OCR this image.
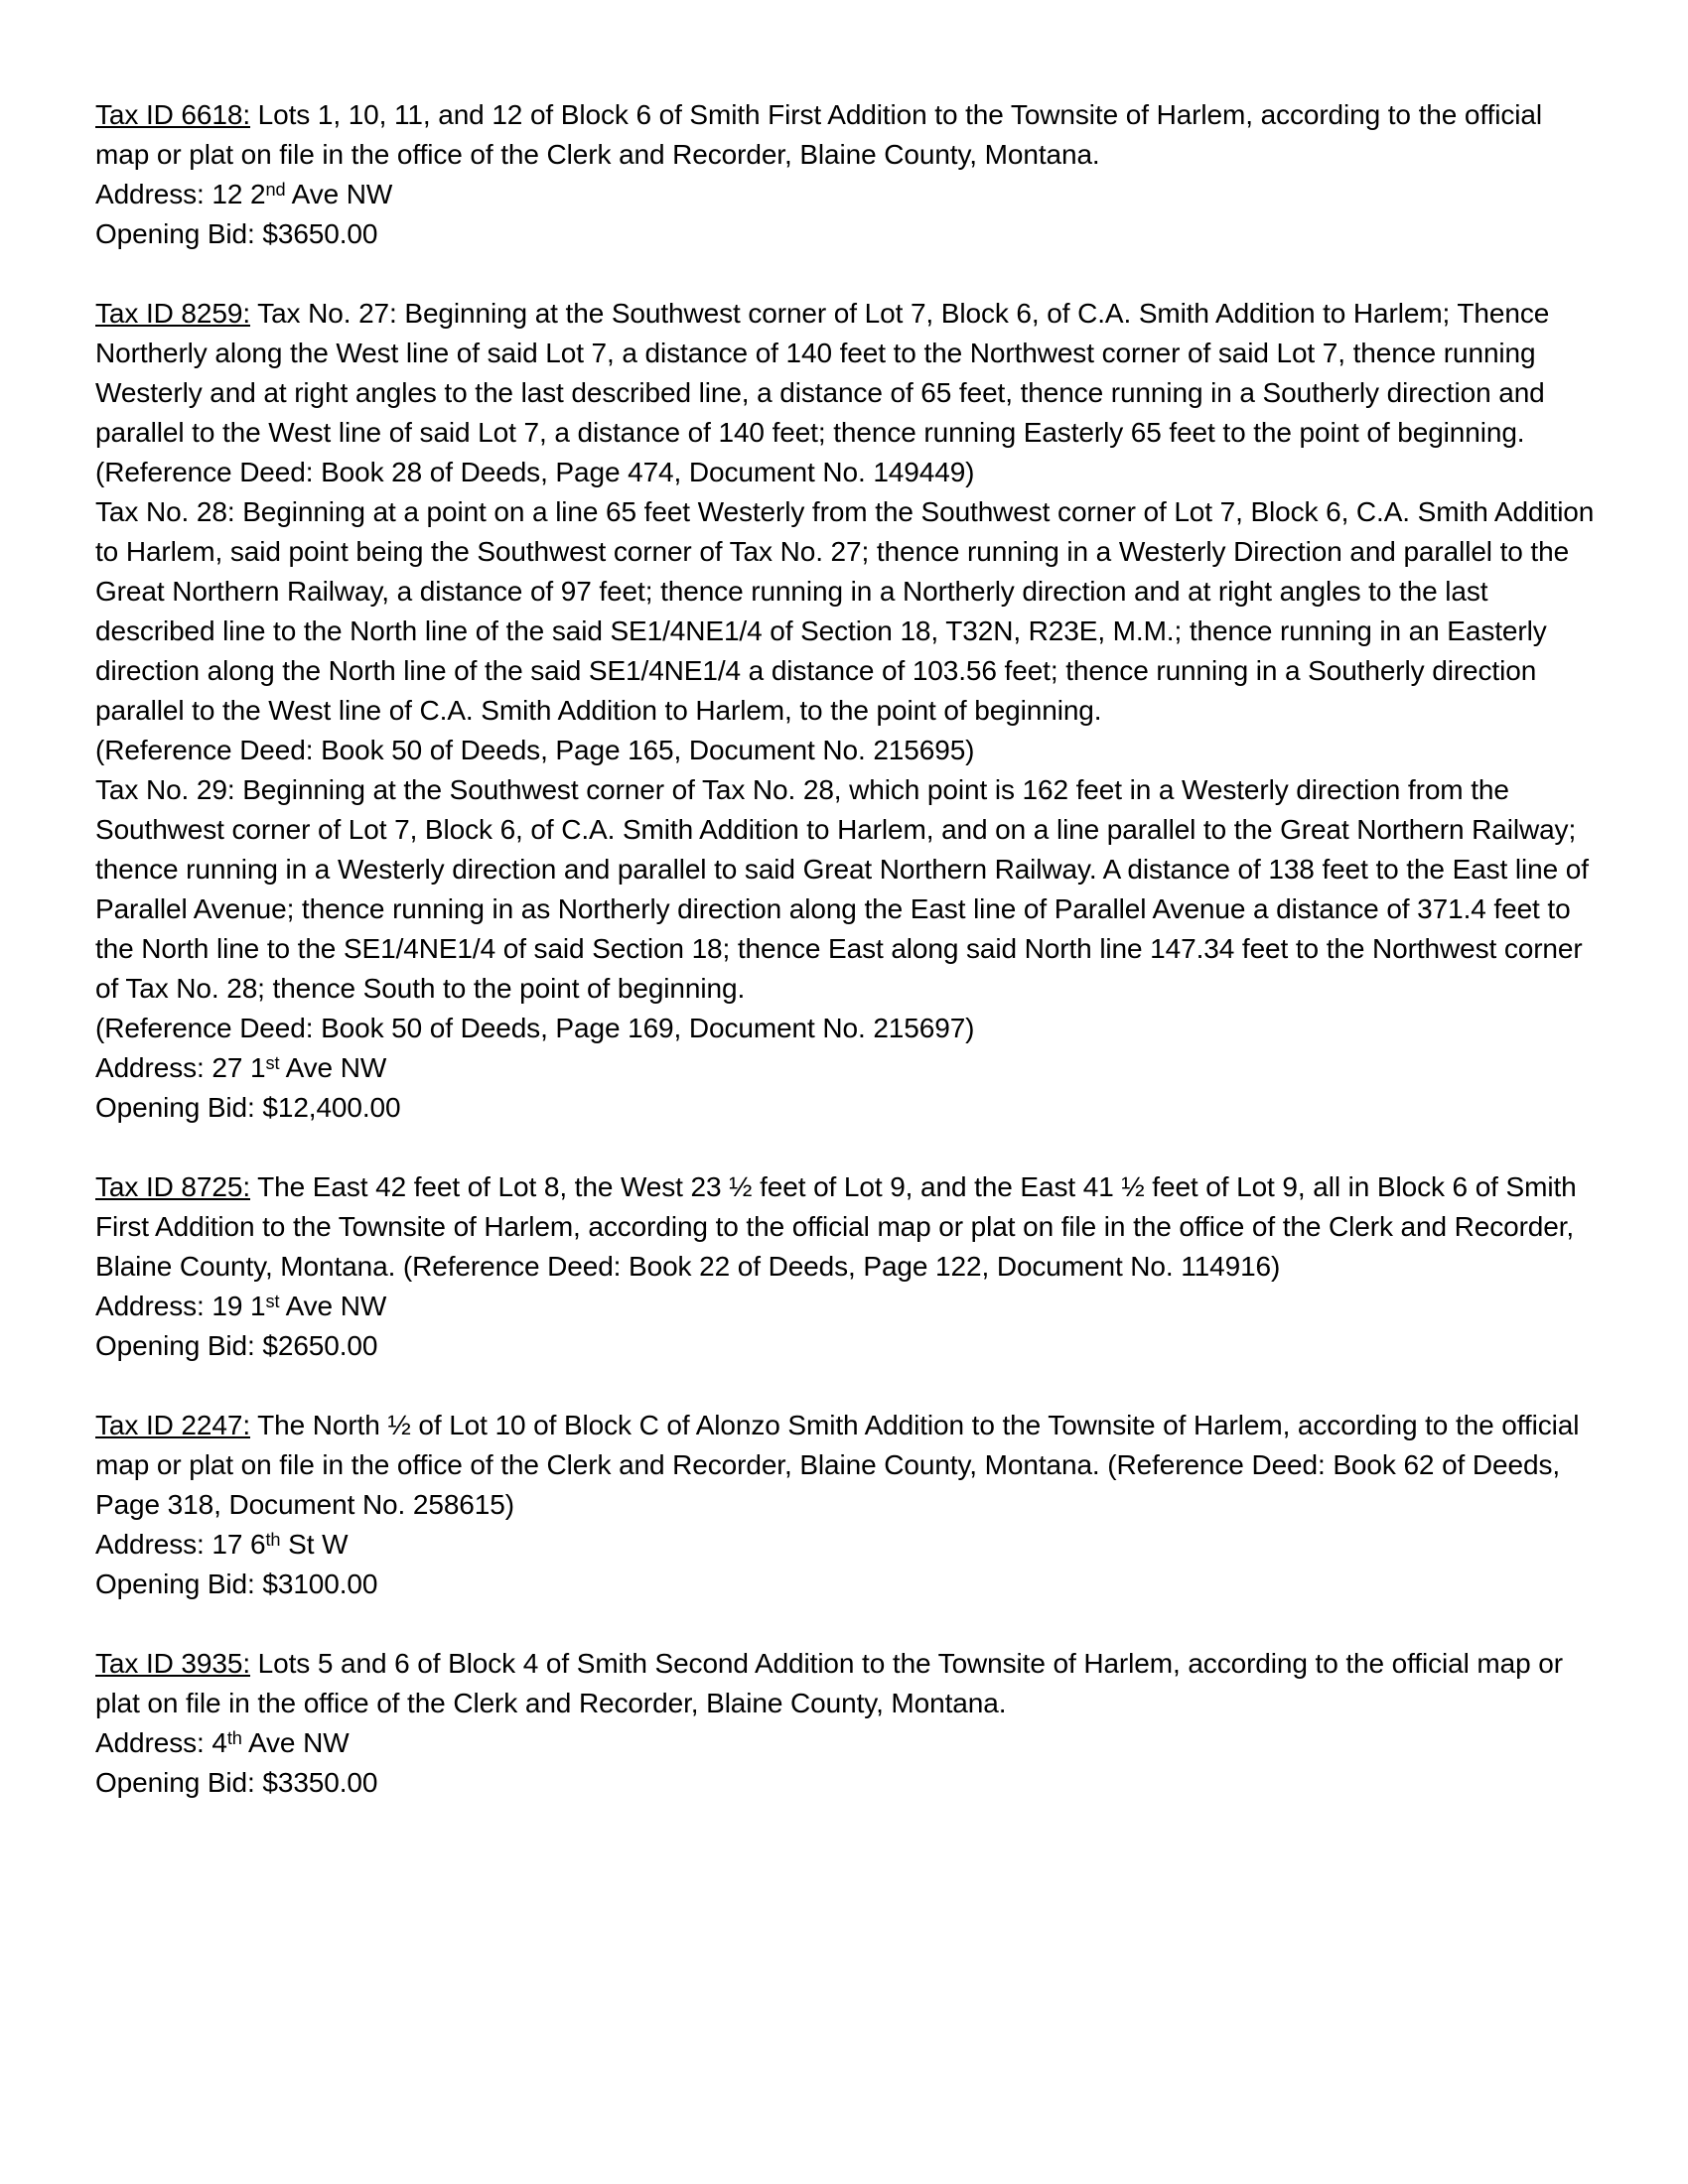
Tax ID 6618: Lots 1, 10, 11, and 12 of Block 6 of Smith First Addition to the Townsite of Harlem, according to the official map or plat on file in the office of the Clerk and Recorder, Blaine County, Montana.

Address: 12 2nd Ave NW

Opening Bid: $3650.00

Tax ID 8259: Tax No. 27: Beginning at the Southwest corner of Lot 7, Block 6, of C.A. Smith Addition to Harlem; Thence Northerly along the West line of said Lot 7, a distance of 140 feet to the Northwest corner of said Lot 7, thence running Westerly and at right angles to the last described line, a distance of 65 feet, thence running in a Southerly direction and parallel to the West line of said Lot 7, a distance of 140 feet; thence running Easterly 65 feet to the point of beginning.

(Reference Deed: Book 28 of Deeds, Page 474, Document No. 149449)

Tax No. 28: Beginning at a point on a line 65 feet Westerly from the Southwest corner of Lot 7, Block 6, C.A. Smith Addition to Harlem, said point being the Southwest corner of Tax No. 27; thence running in a Westerly Direction and parallel to the Great Northern Railway, a distance of 97 feet; thence running in a Northerly direction and at right angles to the last described line to the North line of the said SE1/4NE1/4 of Section 18, T32N, R23E, M.M.; thence running in an Easterly direction along the North line of the said SE1/4NE1/4 a distance of 103.56 feet; thence running in a Southerly direction parallel to the West line of C.A. Smith Addition to Harlem, to the point of beginning.

(Reference Deed: Book 50 of Deeds, Page 165, Document No. 215695)

Tax No. 29: Beginning at the Southwest corner of Tax No. 28, which point is 162 feet in a Westerly direction from the Southwest corner of Lot 7, Block 6, of C.A. Smith Addition to Harlem, and on a line parallel to the Great Northern Railway; thence running in a Westerly direction and parallel to said Great Northern Railway. A distance of 138 feet to the East line of Parallel Avenue; thence running in as Northerly direction along the East line of Parallel Avenue a distance of 371.4 feet to the North line to the SE1/4NE1/4 of said Section 18; thence East along said North line 147.34 feet to the Northwest corner of Tax No. 28; thence South to the point of beginning.

(Reference Deed: Book 50 of Deeds, Page 169, Document No. 215697)

Address: 27 1st Ave NW

Opening Bid: $12,400.00

Tax ID 8725: The East 42 feet of Lot 8, the West 23 ½ feet of Lot 9, and the East 41 ½ feet of Lot 9, all in Block 6 of Smith First Addition to the Townsite of Harlem, according to the official map or plat on file in the office of the Clerk and Recorder, Blaine County, Montana. (Reference Deed: Book 22 of Deeds, Page 122, Document No. 114916)

Address: 19 1st Ave NW

Opening Bid: $2650.00

Tax ID 2247: The North ½ of Lot 10 of Block C of Alonzo Smith Addition to the Townsite of Harlem, according to the official map or plat on file in the office of the Clerk and Recorder, Blaine County, Montana. (Reference Deed: Book 62 of Deeds, Page 318, Document No. 258615)

Address: 17 6th St W

Opening Bid: $3100.00

Tax ID 3935: Lots 5 and 6 of Block 4 of Smith Second Addition to the Townsite of Harlem, according to the official map or plat on file in the office of the Clerk and Recorder, Blaine County, Montana.

Address: 4th Ave NW

Opening Bid: $3350.00
